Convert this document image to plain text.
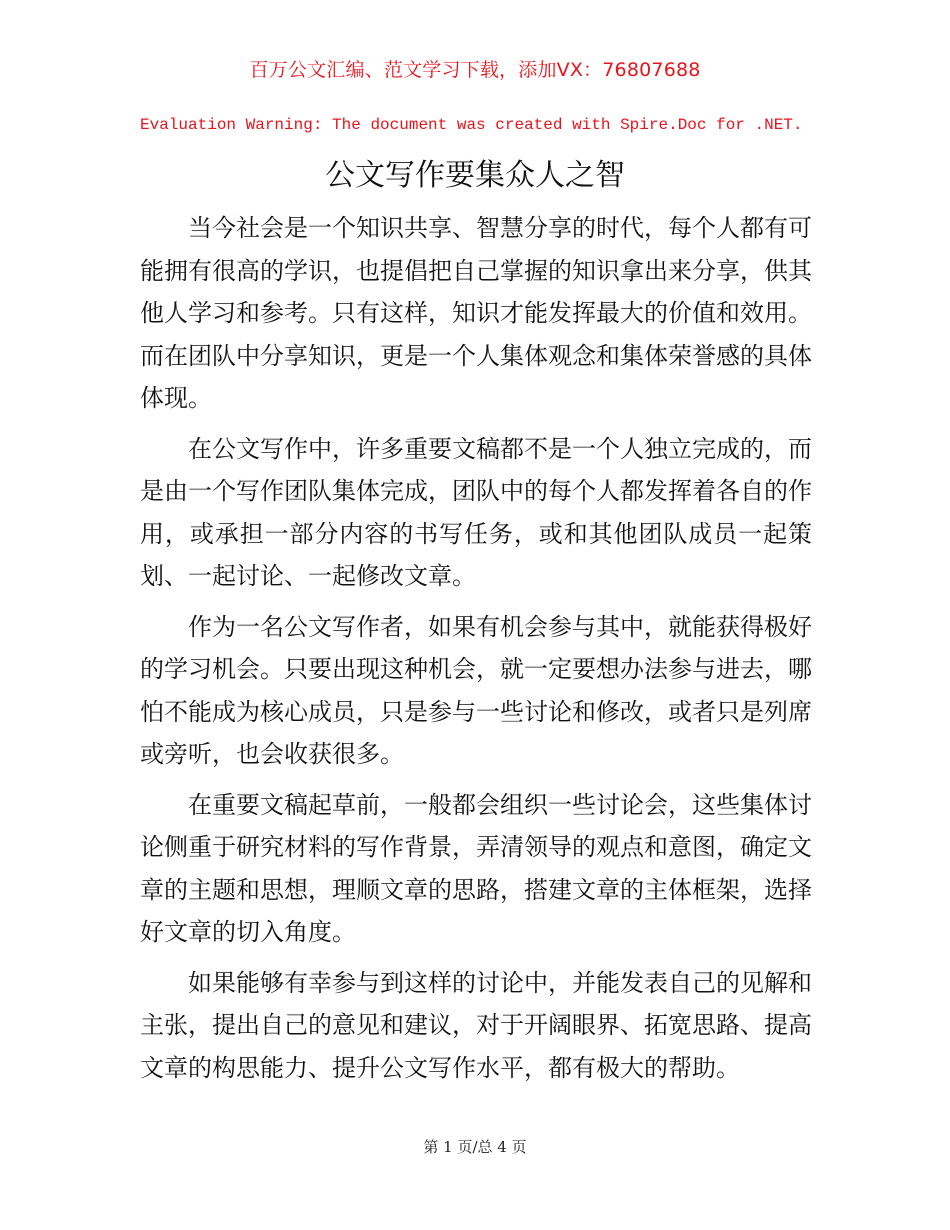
百万公文汇编、范文学习下载，添加VX：76807688
Evaluation Warning: The document was created with Spire.Doc for .NET.
公文写作要集众人之智

当今社会是一个知识共享、智慧分享的时代，每个人都有可能拥有很高的学识，也提倡把自己掌握的知识拿出来分享，供其他人学习和参考。只有这样，知识才能发挥最大的价值和效用。而在团队中分享知识，更是一个人集体观念和集体荣誉感的具体体现。

在公文写作中，许多重要文稿都不是一个人独立完成的，而是由一个写作团队集体完成，团队中的每个人都发挥着各自的作用，或承担一部分内容的书写任务，或和其他团队成员一起策划、一起讨论、一起修改文章。

作为一名公文写作者，如果有机会参与其中，就能获得极好的学习机会。只要出现这种机会，就一定要想办法参与进去，哪怕不能成为核心成员，只是参与一些讨论和修改，或者只是列席或旁听，也会收获很多。

在重要文稿起草前，一般都会组织一些讨论会，这些集体讨论侧重于研究材料的写作背景，弄清领导的观点和意图，确定文章的主题和思想，理顺文章的思路，搭建文章的主体框架，选择好文章的切入角度。

如果能够有幸参与到这样的讨论中，并能发表自己的见解和主张，提出自己的意见和建议，对于开阔眼界、拓宽思路、提高文章的构思能力、提升公文写作水平，都有极大的帮助。

第 1 页/总 4 页
